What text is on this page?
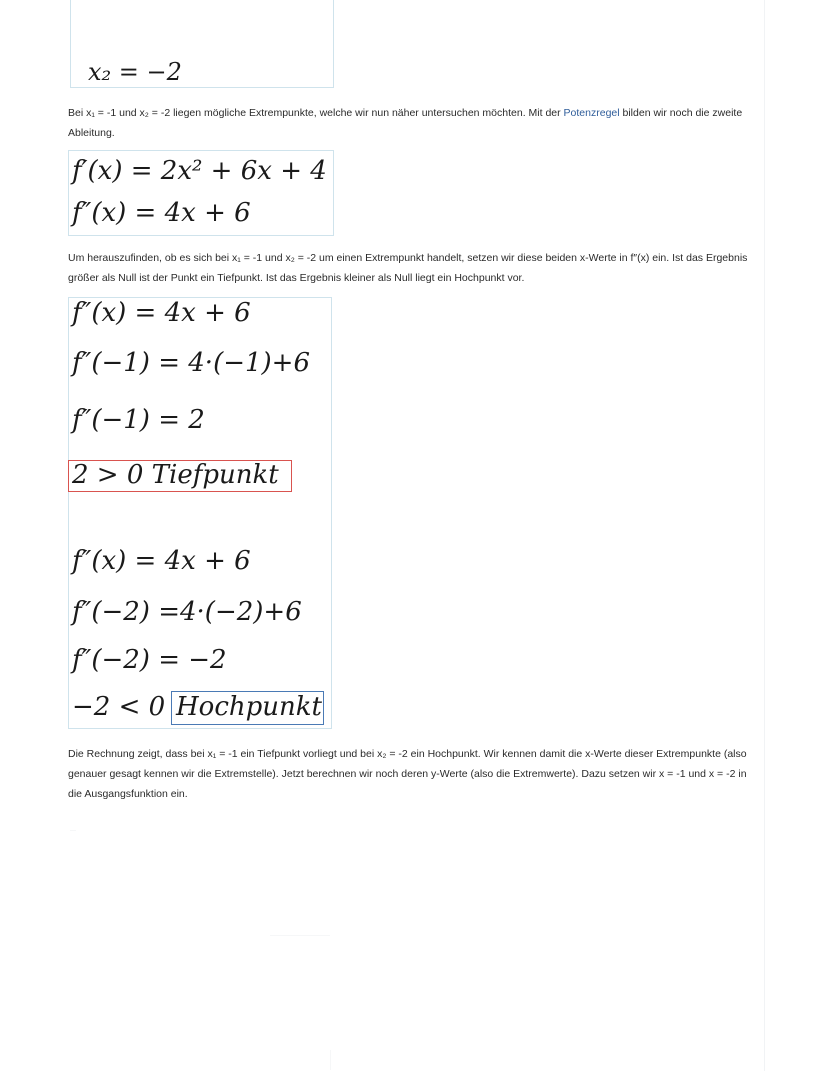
x₂ = −2

Bei x₁ = -1 und x₂ = -2 liegen mögliche Extrempunkte, welche wir nun näher untersuchen möchten. Mit der Potenzregel bilden wir noch die zweite Ableitung.

f′(x) = 2x² + 6x + 4
f″(x) = 4x + 6

Um herauszufinden, ob es sich bei x₁ = -1 und x₂ = -2 um einen Extrempunkt handelt, setzen wir diese beiden x-Werte in f″(x) ein. Ist das Ergebnis größer als Null ist der Punkt ein Tiefpunkt. Ist das Ergebnis kleiner als Null liegt ein Hochpunkt vor.

f″(x) = 4x + 6
f″(−1) = 4·(−1)+6
f″(−1) = 2
2 > 0 Tiefpunkt
f″(x) = 4x + 6
f″(−2) =4·(−2)+6
f″(−2) = −2
−2 < 0 Hochpunkt

Die Rechnung zeigt, dass bei x₁ = -1 ein Tiefpunkt vorliegt und bei x₂ = -2 ein Hochpunkt. Wir kennen damit die x-Werte dieser Extrempunkte (also genauer gesagt kennen wir die Extremstelle). Jetzt berechnen wir noch deren y-Werte (also die Extremwerte). Dazu setzen wir x = -1 und x = -2 in die Ausgangsfunktion ein.
